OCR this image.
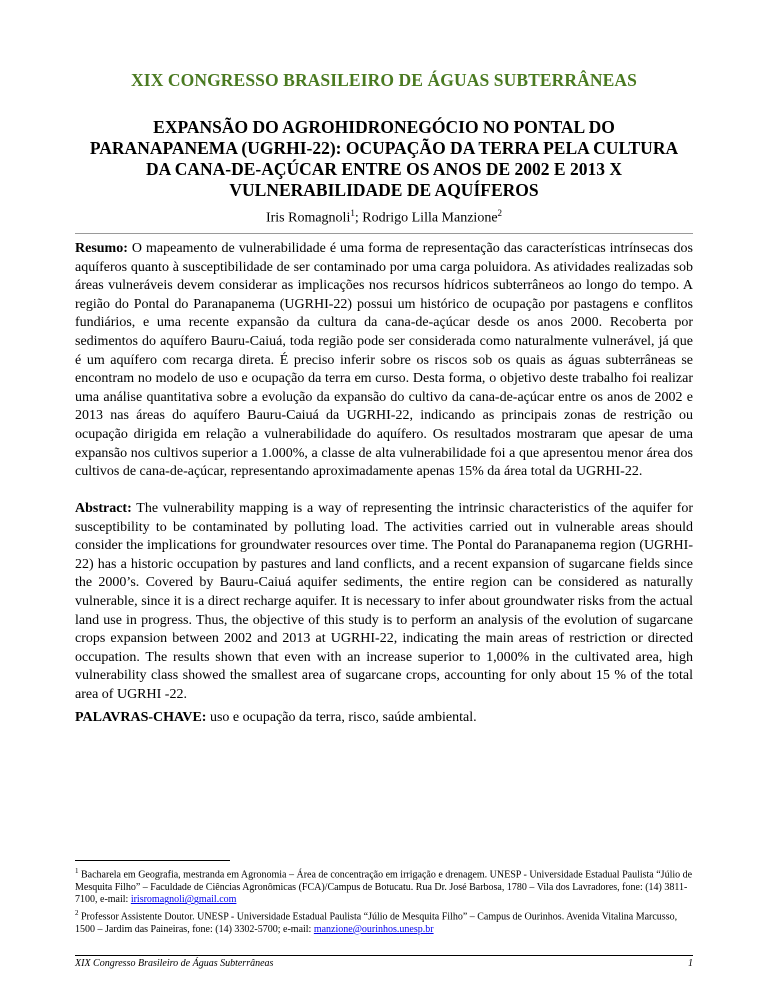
XIX CONGRESSO BRASILEIRO DE ÁGUAS SUBTERRÂNEAS
EXPANSÃO DO AGROHIDRONEGÓCIO NO PONTAL DO
PARANAPANEMA (UGRHI-22): OCUPAÇÃO DA TERRA PELA CULTURA
DA CANA-DE-AÇÚCAR ENTRE OS ANOS DE 2002 E 2013 X
VULNERABILIDADE DE AQUÍFEROS
Iris Romagnoli$^1$; Rodrigo Lilla Manzione$^2$
Resumo: O mapeamento de vulnerabilidade é uma forma de representação das características intrínsecas dos aquíferos quanto à susceptibilidade de ser contaminado por uma carga poluidora. As atividades realizadas sob áreas vulneráveis devem considerar as implicações nos recursos hídricos subterrâneos ao longo do tempo. A região do Pontal do Paranapanema (UGRHI-22) possui um histórico de ocupação por pastagens e conflitos fundiários, e uma recente expansão da cultura da cana-de-açúcar desde os anos 2000. Recoberta por sedimentos do aquífero Bauru-Caiuá, toda região pode ser considerada como naturalmente vulnerável, já que é um aquífero com recarga direta. É preciso inferir sobre os riscos sob os quais as águas subterrâneas se encontram no modelo de uso e ocupação da terra em curso. Desta forma, o objetivo deste trabalho foi realizar uma análise quantitativa sobre a evolução da expansão do cultivo da cana-de-açúcar entre os anos de 2002 e 2013 nas áreas do aquífero Bauru-Caiuá da UGRHI-22, indicando as principais zonas de restrição ou ocupação dirigida em relação a vulnerabilidade do aquífero. Os resultados mostraram que apesar de uma expansão nos cultivos superior a 1.000%, a classe de alta vulnerabilidade foi a que apresentou menor área dos cultivos de cana-de-açúcar, representando aproximadamente apenas 15% da área total da UGRHI-22.
Abstract: The vulnerability mapping is a way of representing the intrinsic characteristics of the aquifer for susceptibility to be contaminated by polluting load. The activities carried out in vulnerable areas should consider the implications for groundwater resources over time. The Pontal do Paranapanema region (UGRHI-22) has a historic occupation by pastures and land conflicts, and a recent expansion of sugarcane fields since the 2000’s. Covered by Bauru-Caiuá aquifer sediments, the entire region can be considered as naturally vulnerable, since it is a direct recharge aquifer. It is necessary to infer about groundwater risks from the actual land use in progress. Thus, the objective of this study is to perform an analysis of the evolution of sugarcane crops expansion between 2002 and 2013 at UGRHI-22, indicating the main areas of restriction or directed occupation. The results shown that even with an increase superior to 1,000% in the cultivated area, high vulnerability class showed the smallest area of sugarcane crops, accounting for only about 15 % of the total area of UGRHI -22.
PALAVRAS-CHAVE: uso e ocupação da terra, risco, saúde ambiental.
$^1$ Bacharela em Geografia, mestranda em Agronomia – Área de concentração em irrigação e drenagem. UNESP - Universidade Estadual Paulista “Júlio de Mesquita Filho” – Faculdade de Ciências Agronômicas (FCA)/Campus de Botucatu. Rua Dr. José Barbosa, 1780 – Vila dos Lavradores, fone: (14) 3811-7100, e-mail: irisromagnoli@gmail.com
$^2$ Professor Assistente Doutor. UNESP - Universidade Estadual Paulista “Júlio de Mesquita Filho” – Campus de Ourinhos. Avenida Vitalina Marcusso, 1500 – Jardim das Paineiras, fone: (14) 3302-5700; e-mail: manzione@ourinhos.unesp.br
XIX Congresso Brasileiro de Águas Subterrâneas	1
